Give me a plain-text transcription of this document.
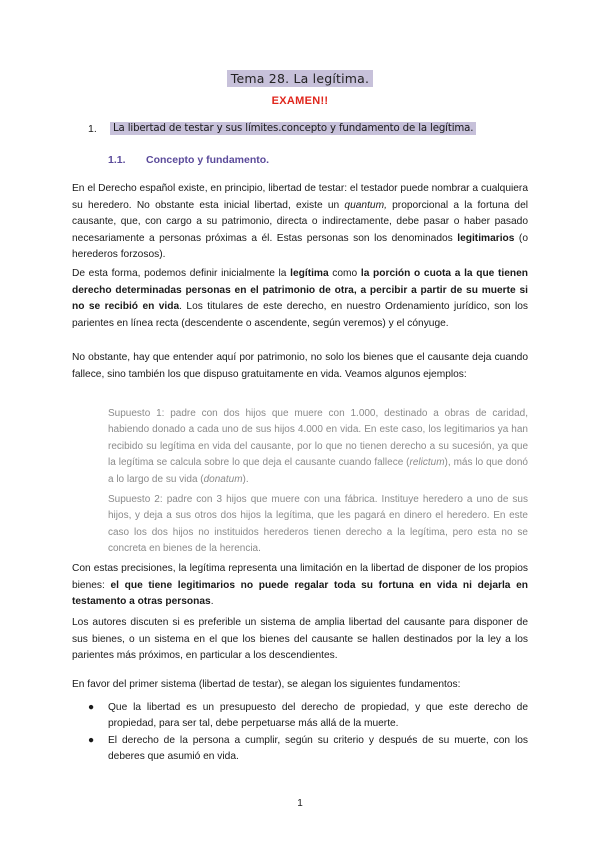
Tema 28. La legítima.
EXAMEN!!
1. La libertad de testar y sus límites.concepto y fundamento de la legítima.
1.1. Concepto y fundamento.

En el Derecho español existe, en principio, libertad de testar: el testador puede nombrar a cualquiera su heredero. No obstante esta inicial libertad, existe un quantum, proporcional a la fortuna del causante, que, con cargo a su patrimonio, directa o indirectamente, debe pasar o haber pasado necesariamente a personas próximas a él. Estas personas son los denominados legitimarios (o herederos forzosos).

De esta forma, podemos definir inicialmente la legítima como la porción o cuota a la que tienen derecho determinadas personas en el patrimonio de otra, a percibir a partir de su muerte si no se recibió en vida. Los titulares de este derecho, en nuestro Ordenamiento jurídico, son los parientes en línea recta (descendente o ascendente, según veremos) y el cónyuge.

No obstante, hay que entender aquí por patrimonio, no solo los bienes que el causante deja cuando fallece, sino también los que dispuso gratuitamente en vida. Veamos algunos ejemplos:

Supuesto 1: padre con dos hijos que muere con 1.000, destinado a obras de caridad, habiendo donado a cada uno de sus hijos 4.000 en vida. En este caso, los legitimarios ya han recibido su legítima en vida del causante, por lo que no tienen derecho a su sucesión, ya que la legítima se calcula sobre lo que deja el causante cuando fallece (relictum), más lo que donó a lo largo de su vida (donatum).

Supuesto 2: padre con 3 hijos que muere con una fábrica. Instituye heredero a uno de sus hijos, y deja a sus otros dos hijos la legítima, que les pagará en dinero el heredero. En este caso los dos hijos no instituidos herederos tienen derecho a la legítima, pero esta no se concreta en bienes de la herencia.

Con estas precisiones, la legítima representa una limitación en la libertad de disponer de los propios bienes: el que tiene legitimarios no puede regalar toda su fortuna en vida ni dejarla en testamento a otras personas.

Los autores discuten si es preferible un sistema de amplia libertad del causante para disponer de sus bienes, o un sistema en el que los bienes del causante se hallen destinados por la ley a los parientes más próximos, en particular a los descendientes.

En favor del primer sistema (libertad de testar), se alegan los siguientes fundamentos:

● Que la libertad es un presupuesto del derecho de propiedad, y que este derecho de propiedad, para ser tal, debe perpetuarse más allá de la muerte.
● El derecho de la persona a cumplir, según su criterio y después de su muerte, con los deberes que asumió en vida.
1
